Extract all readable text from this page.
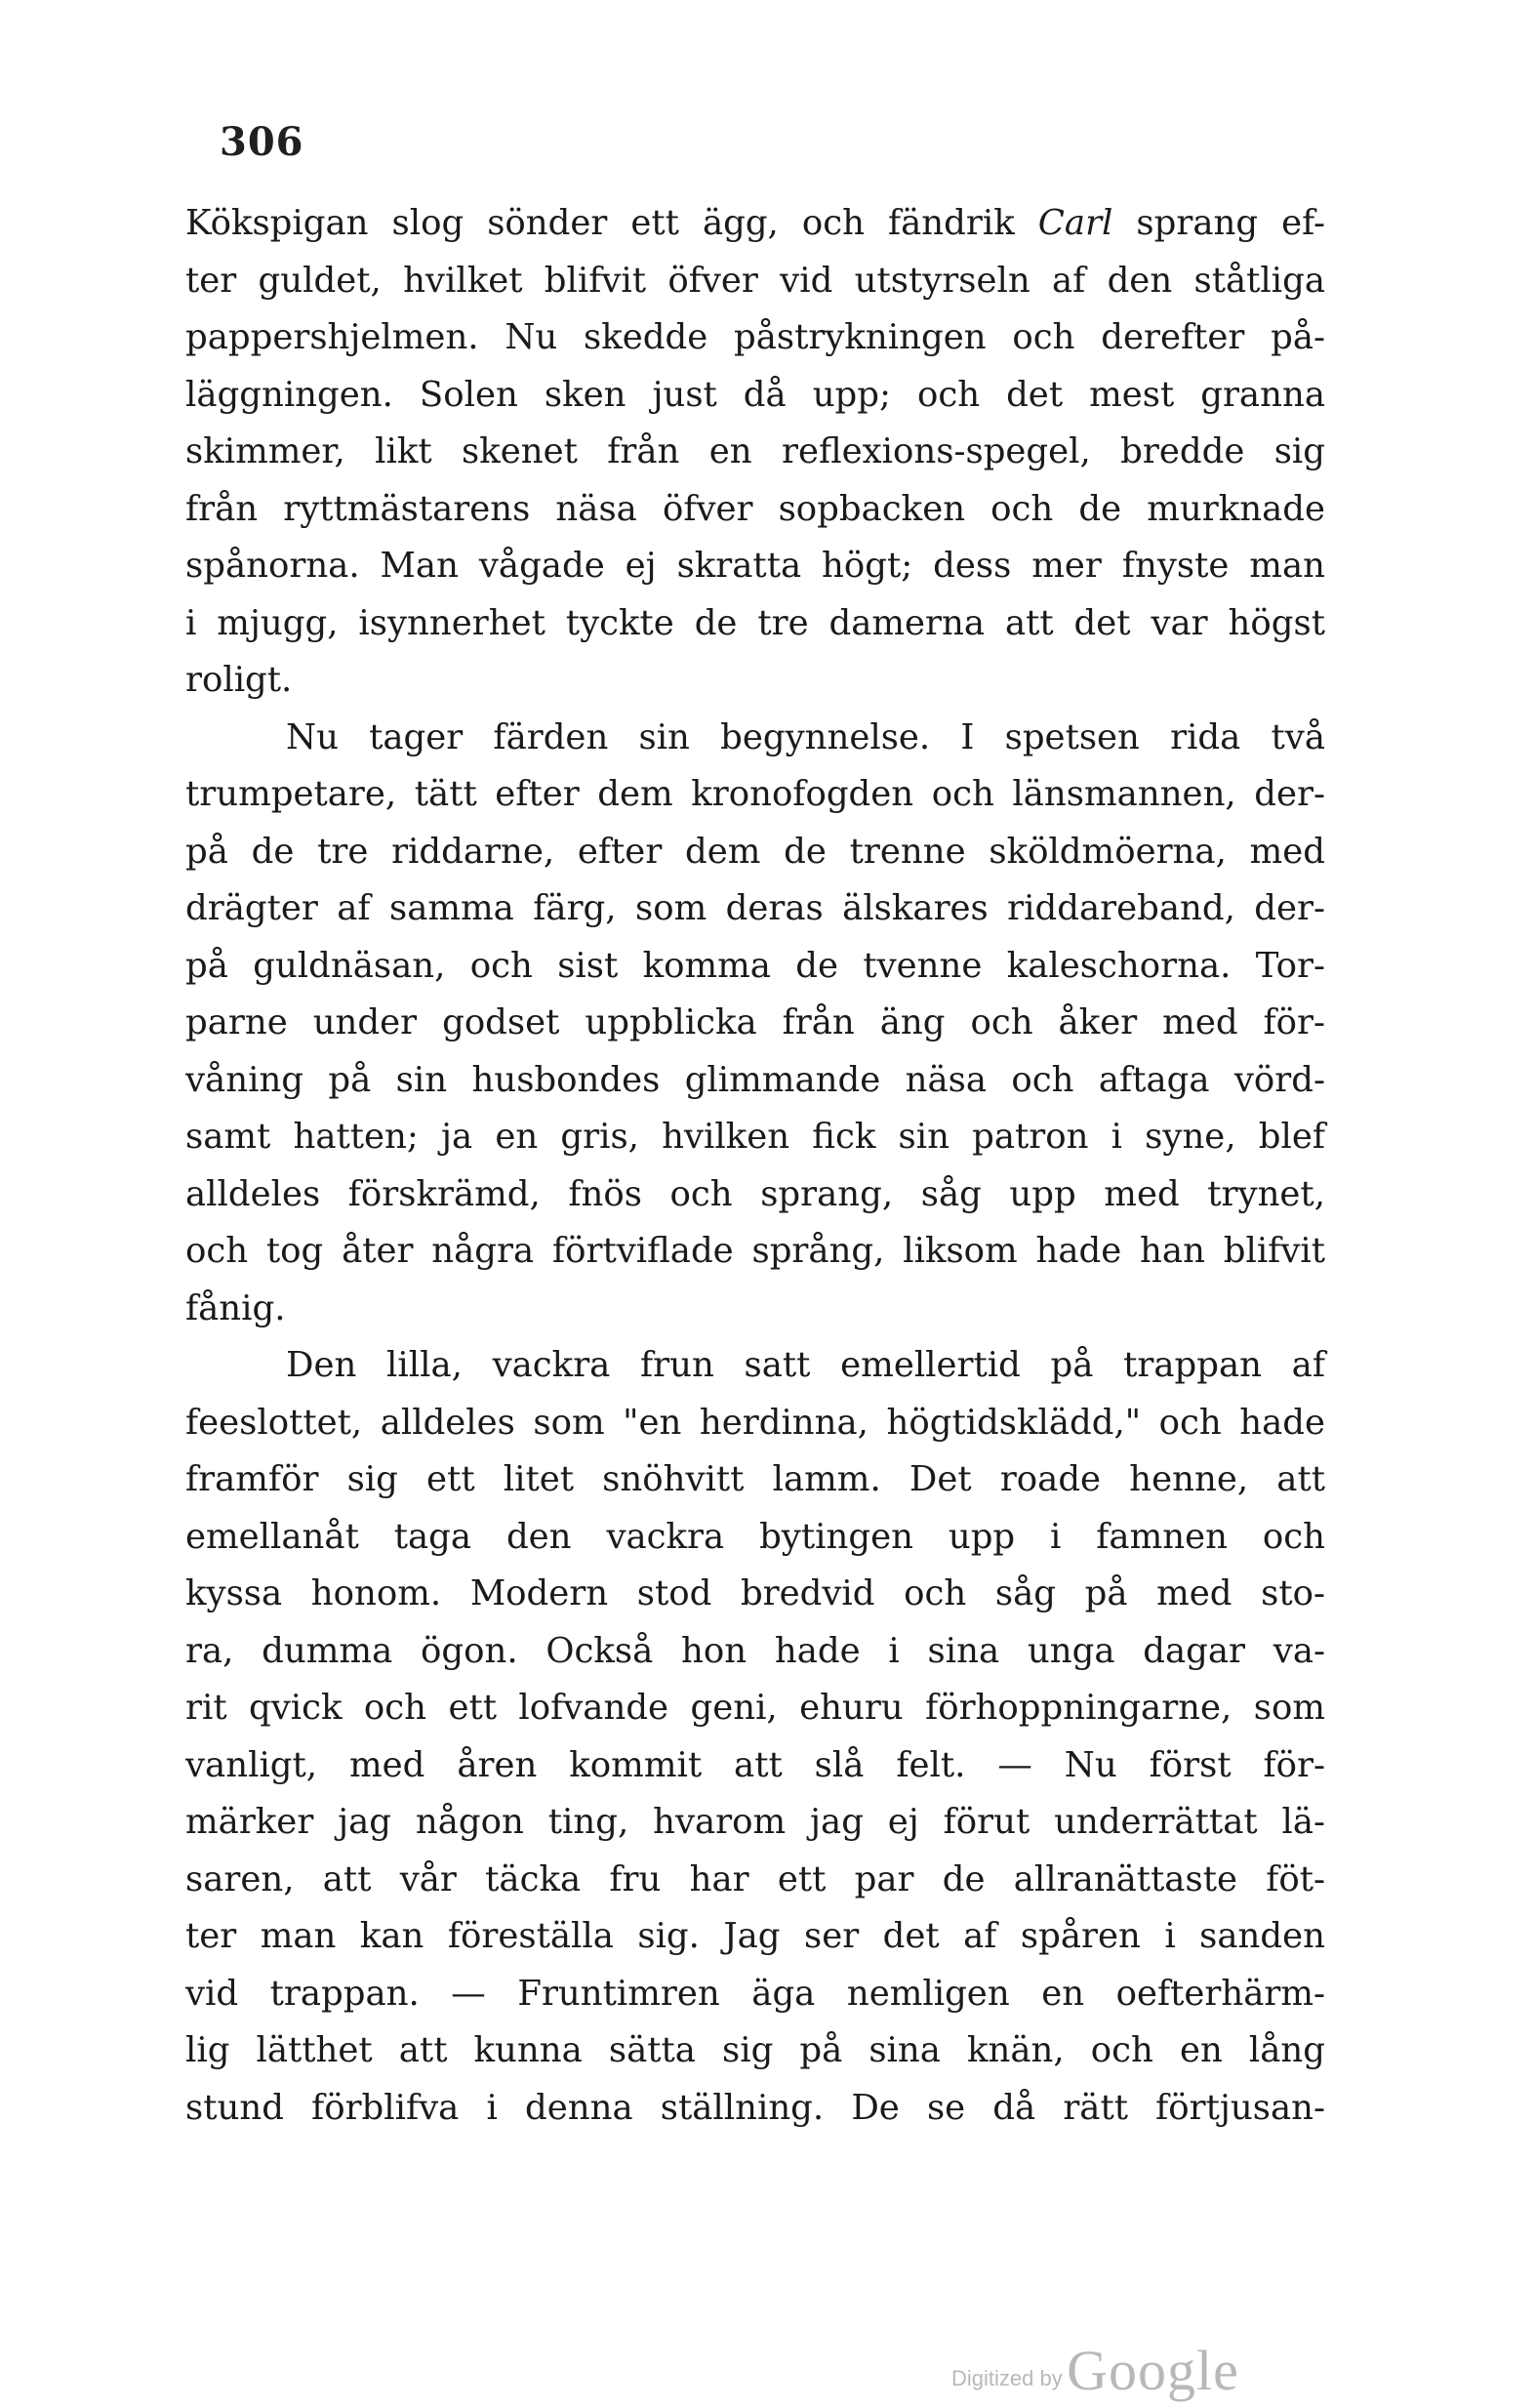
306

Kökspigan slog sönder ett ägg, och fändrik Carl sprang ef-

ter guldet, hvilket blifvit öfver vid utstyrseln af den ståtliga

pappershjelmen. Nu skedde påstrykningen och derefter på-

läggningen. Solen sken just då upp; och det mest granna

skimmer, likt skenet från en reflexions-spegel, bredde sig

från ryttmästarens näsa öfver sopbacken och de murknade

spånorna. Man vågade ej skratta högt; dess mer fnyste man

i mjugg, isynnerhet tyckte de tre damerna att det var högst

roligt.

Nu tager färden sin begynnelse. I spetsen rida två

trumpetare, tätt efter dem kronofogden och länsmannen, der-

på de tre riddarne, efter dem de trenne sköldmöerna, med

drägter af samma färg, som deras älskares riddareband, der-

på guldnäsan, och sist komma de tvenne kaleschorna. Tor-

parne under godset uppblicka från äng och åker med för-

våning på sin husbondes glimmande näsa och aftaga vörd-

samt hatten; ja en gris, hvilken fick sin patron i syne, blef

alldeles förskrämd, fnös och sprang, såg upp med trynet,

och tog åter några förtviflade språng, liksom hade han blifvit

fånig.

Den lilla, vackra frun satt emellertid på trappan af

feeslottet, alldeles som "en herdinna, högtidsklädd," och hade

framför sig ett litet snöhvitt lamm. Det roade henne, att

emellanåt taga den vackra bytingen upp i famnen och

kyssa honom. Modern stod bredvid och såg på med sto-

ra, dumma ögon. Också hon hade i sina unga dagar va-

rit qvick och ett lofvande geni, ehuru förhoppningarne, som

vanligt, med åren kommit att slå felt. — Nu först för-

märker jag någon ting, hvarom jag ej förut underrättat lä-

saren, att vår täcka fru har ett par de allranättaste föt-

ter man kan föreställa sig. Jag ser det af spåren i sanden

vid trappan. — Fruntimren äga nemligen en oefterhärm-

lig lätthet att kunna sätta sig på sina knän, och en lång

stund förblifva i denna ställning. De se då rätt förtjusan-

Digitized by Google
